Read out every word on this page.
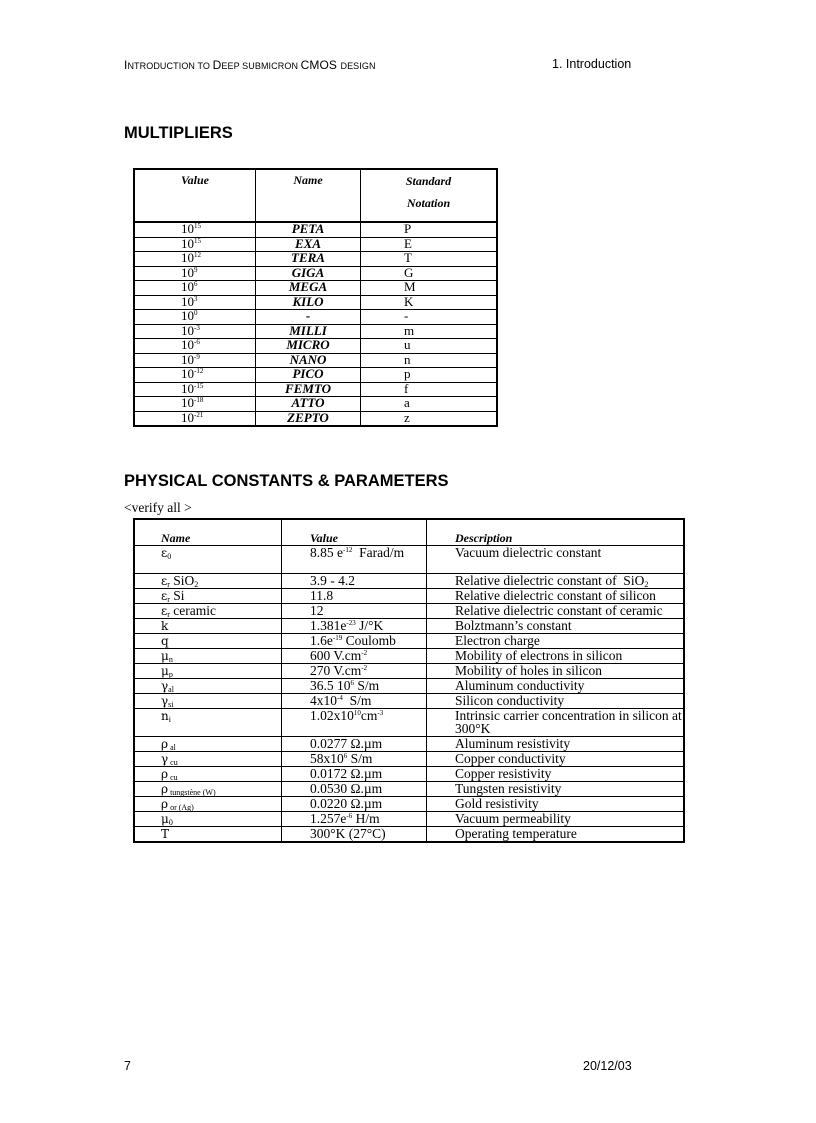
INTRODUCTION TO DEEP SUBMICRON CMOS DESIGN	1. Introduction
MULTIPLIERS
Value	Name	Standard
Notation
$10^{15}$	PETA	P
$10^{15}$	EXA	E
$10^{12}$	TERA	T
$10^9$	GIGA	G
$10^6$	MEGA	M
$10^3$	KILO	K
$10^0$	-	-
$10^{-3}$	MILLI	m
$10^{-6}$	MICRO	u
$10^{-9}$	NANO	n
$10^{-12}$	PICO	p
$10^{-15}$	FEMTO	f
$10^{-18}$	ATTO	a
$10^{-21}$	ZEPTO	z
PHYSICAL CONSTANTS & PARAMETERS
<verify all >
Name	Value	Description
$\varepsilon_0$	8.85 $e^{-12}$  Farad/m	Vacuum dielectric constant
$\varepsilon_r$ SiO$_2$	3.9 - 4.2	Relative dielectric constant of  SiO$_2$
$\varepsilon_r$ Si	11.8	Relative dielectric constant of silicon
$\varepsilon_r$ ceramic	12	Relative dielectric constant of ceramic
k	$1.381e^{-23}$ J/°K	Bolztmann’s constant
q	$1.6e^{-19}$ Coulomb	Electron charge
$\mu_n$	600 $V.cm^{-2}$	Mobility of electrons in silicon
$\mu_p$	270 $V.cm^{-2}$	Mobility of holes in silicon
$\gamma_{al}$	36.5 $10^6$ S/m	Aluminum conductivity
$\gamma_{si}$	$4x10^{-4}$  S/m	Silicon conductivity
$n_i$	$1.02x10^{10}cm^{-3}$	Intrinsic carrier concentration in silicon at
300°K
ρ $_{al}$	0.0277 Ω.µm	Aluminum resistivity
γ $_{cu}$	$58x10^6$ S/m	Copper conductivity
ρ $_{cu}$	0.0172 Ω.µm	Copper resistivity
ρ $_{tungstène (W)}$	0.0530 Ω.µm	Tungsten resistivity
ρ $_{or (Ag)}$	0.0220 Ω.µm	Gold resistivity
$\mu_0$	$1.257e^{-6}$ H/m	Vacuum permeability
T	300°K (27°C)	Operating temperature
7	20/12/03
